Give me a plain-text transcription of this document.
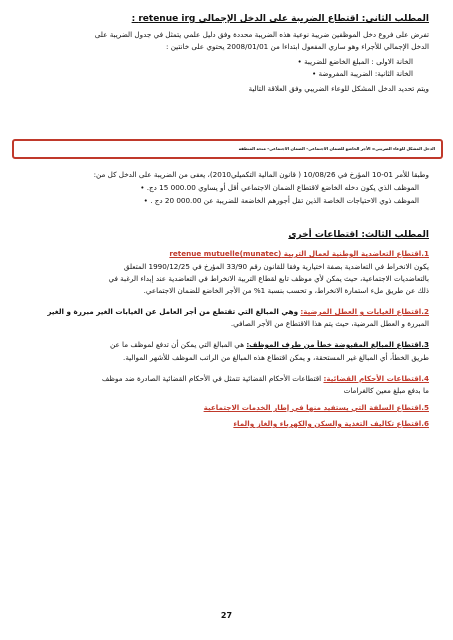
المطلب الثاني: اقتطاع الضريبة على الدخل الإجمالي retenue irg :
تفرض على فروع دخل الموظفين ضريبة نوعية هذه الضريبة محددة وفق دليل علمي يتمثل في جدول الضريبة على
الدخل الإجمالي للأجراء وهو ساري المفعول ابتداءا من 2008/01/01 يحتوي على خانتين :
الخانة الاولى : المبلغ الخاضع للضريبة •
الخانة الثانية: الضريبة المفروضة •
ويتم تحديد الدخل المشكل للوعاء الضريبي وفق العلاقة التالية
الدخل المشكل للوعاء الضريبي= الأجر الخاضع للضمان الاجتماعي– الضمان الاجتماعي– منحة المنطقة
وطبقا للأمر 01-10 المؤرخ في 10/08/26 ( قانون المالية التكميلي2010)، يعفى من الضريبة على الدخل كل من:
الموظف الذي يكون دخله الخاضع لاقتطاع الضمان الاجتماعي أقل أو يساوي 000.00 15 دج. •
الموظف ذوي الاحتياجات الخاصة الذين تقل أجورهم الخاضعة للضريبة عن 000.00 20 دج . •
المطلب الثالث: اقتطاعات أخرى
1.اقتطاع التعاضدية الوطنية لعمال التربية retenue mutuelle(munatec)
يكون الانخراط في التعاضدية بصفة اختيارية وفقا للقانون رقم 33/90 المؤرخ في 1990/12/25 المتعلق
بالتعاضديات الاجتماعية، حيث يمكن لأي موظف تابع لقطاع التربية الانخراط في التعاضدية عند إبداء الرغبة في
ذلك عن طريق ملء استمارة الانخراط، و تحسب بنسبة 1% من الأجر الخاضع للضمان الاجتماعي.
2.اقتطاع الغيابات و العطل المرضية: وهي المبالغ التي تقتطع من أجر العامل عن الغيابات الغير مبررة و الغير
المبررة و العطل المرضية، حيث يتم هذا الاقتطاع من الأجر الصافي.
3.اقتطاع المبالغ المقبوضة خطأ من طرف الموظف: هي المبالغ التي يمكن أن تدفع لموظف ما عن
طريق الخطأ، أي المبالغ غير المستحقة، و يمكن اقتطاع هذه المبالغ من الراتب الموظف للأشهر الموالية.
4.اقتطاعات الأحكام القضائية: اقتطاعات الأحكام القضائية تتمثل في الأحكام القضائية الصادرة ضد موظف
ما بدفع مبلغ معين كالغرامات
5.اقتطاع السلفة التي يستفيد منها في إطار الخدمات الاجتماعية
6.اقتطاع تكاليف التغذية والسكن والكهرباء والغاز والماء
27
